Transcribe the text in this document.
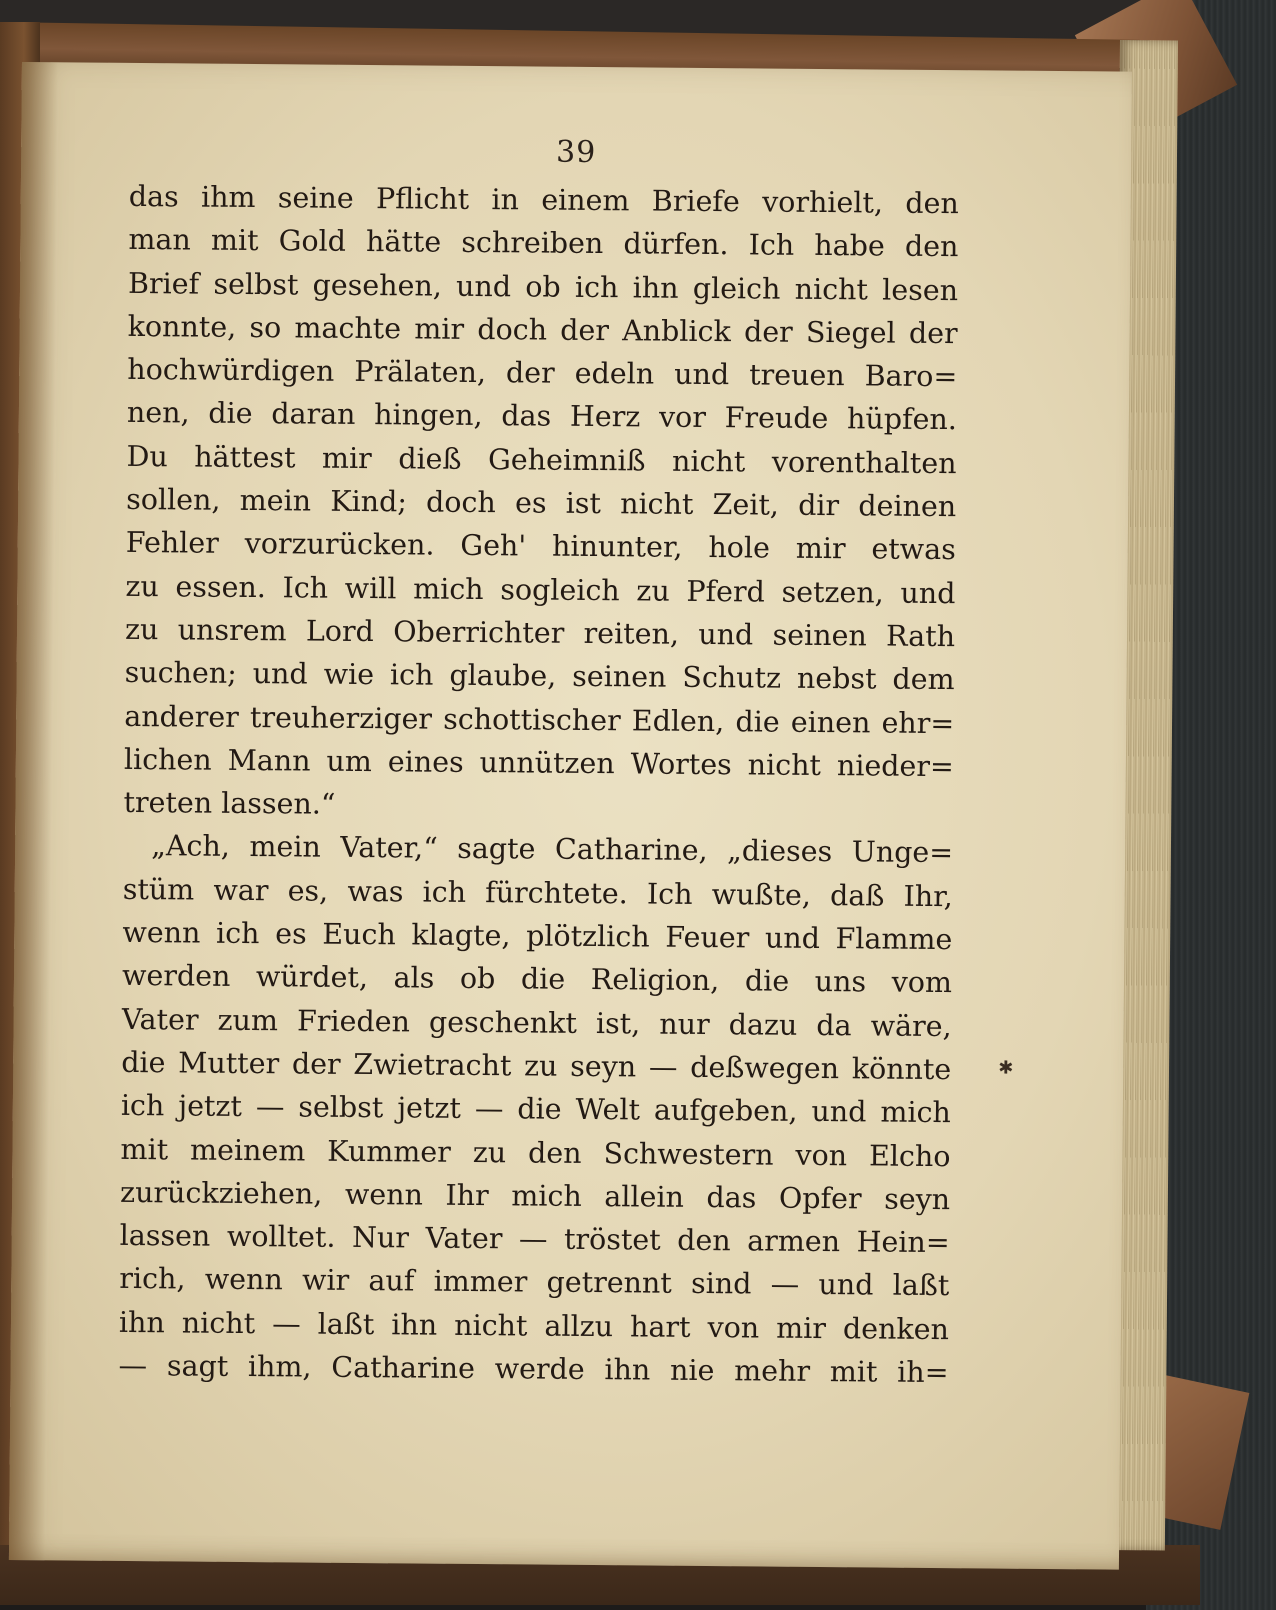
39
das ihm seine Pflicht in einem Briefe vorhielt, den
man mit Gold hätte schreiben dürfen. Ich habe den
Brief selbst gesehen, und ob ich ihn gleich nicht lesen
konnte, so machte mir doch der Anblick der Siegel der
hochwürdigen Prälaten, der edeln und treuen Baro=
nen, die daran hingen, das Herz vor Freude hüpfen.
Du hättest mir dieß Geheimniß nicht vorenthalten
sollen, mein Kind; doch es ist nicht Zeit, dir deinen
Fehler vorzurücken. Geh' hinunter, hole mir etwas
zu essen. Ich will mich sogleich zu Pferd setzen, und
zu unsrem Lord Oberrichter reiten, und seinen Rath
suchen; und wie ich glaube, seinen Schutz nebst dem
anderer treuherziger schottischer Edlen, die einen ehr=
lichen Mann um eines unnützen Wortes nicht nieder=
treten lassen.“
„Ach, mein Vater,“ sagte Catharine, „dieses Unge=
stüm war es, was ich fürchtete. Ich wußte, daß Ihr,
wenn ich es Euch klagte, plötzlich Feuer und Flamme
werden würdet, als ob die Religion, die uns vom
Vater zum Frieden geschenkt ist, nur dazu da wäre,
die Mutter der Zwietracht zu seyn — deßwegen könnte
ich jetzt — selbst jetzt — die Welt aufgeben, und mich
mit meinem Kummer zu den Schwestern von Elcho
zurückziehen, wenn Ihr mich allein das Opfer seyn
lassen wolltet. Nur Vater — tröstet den armen Hein=
rich, wenn wir auf immer getrennt sind — und laßt
ihn nicht — laßt ihn nicht allzu hart von mir denken
— sagt ihm, Catharine werde ihn nie mehr mit ih=
✱
